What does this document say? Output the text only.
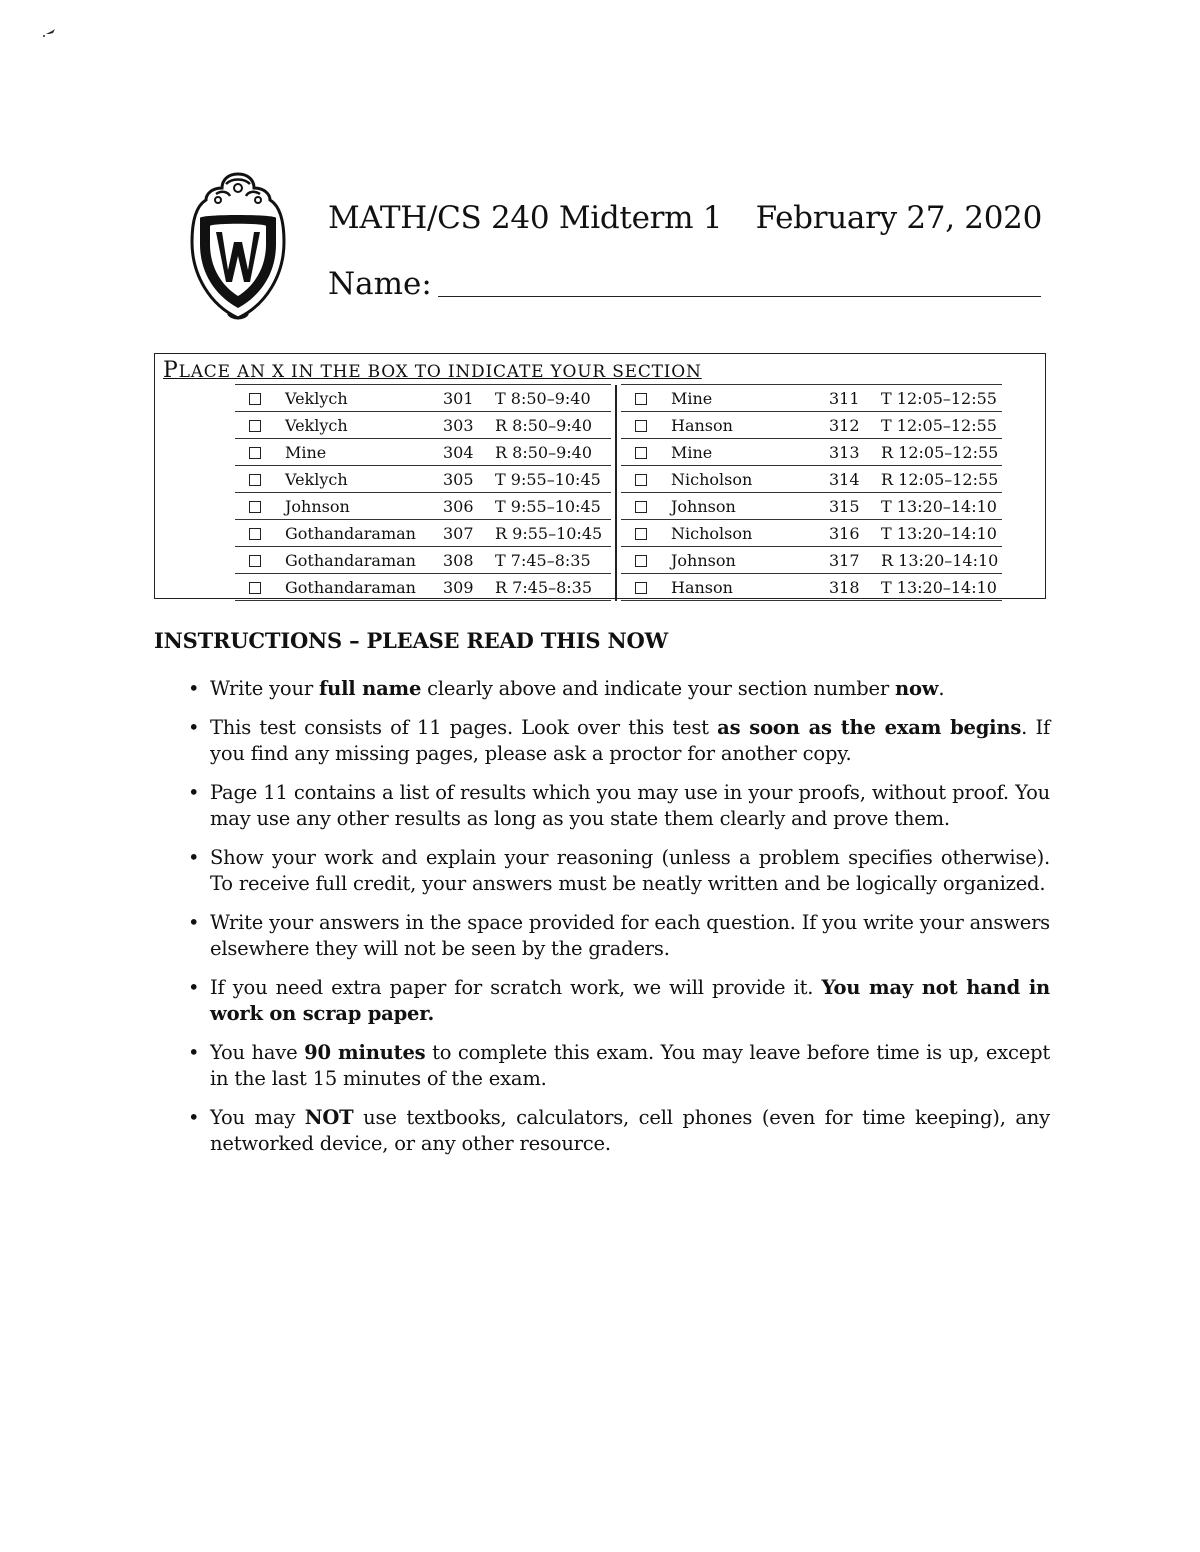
MATH/CS 240 Midterm 1 February 27, 2020
Name:
PLACE AN X IN THE BOX TO INDICATE YOUR SECTION
	Veklych	301	T 8:50–9:40					Mine	311	T 12:05–12:55
	Veklych	303	R 8:50–9:40					Hanson	312	T 12:05–12:55
	Mine	304	R 8:50–9:40					Mine	313	R 12:05–12:55
	Veklych	305	T 9:55–10:45					Nicholson	314	R 12:05–12:55
	Johnson	306	T 9:55–10:45					Johnson	315	T 13:20–14:10
	Gothandaraman	307	R 9:55–10:45					Nicholson	316	T 13:20–14:10
	Gothandaraman	308	T 7:45–8:35					Johnson	317	R 13:20–14:10
	Gothandaraman	309	R 7:45–8:35					Hanson	318	T 13:20–14:10
INSTRUCTIONS – PLEASE READ THIS NOW
• Write your full name clearly above and indicate your section number now.
• This test consists of 11 pages. Look over this test as soon as the exam begins. If you find any missing pages, please ask a proctor for another copy.
• Page 11 contains a list of results which you may use in your proofs, without proof. You may use any other results as long as you state them clearly and prove them.
• Show your work and explain your reasoning (unless a problem specifies otherwise). To receive full credit, your answers must be neatly written and be logically organized.
• Write your answers in the space provided for each question. If you write your answers elsewhere they will not be seen by the graders.
• If you need extra paper for scratch work, we will provide it. You may not hand in work on scrap paper.
• You have 90 minutes to complete this exam. You may leave before time is up, except in the last 15 minutes of the exam.
• You may NOT use textbooks, calculators, cell phones (even for time keeping), any networked device, or any other resource.
